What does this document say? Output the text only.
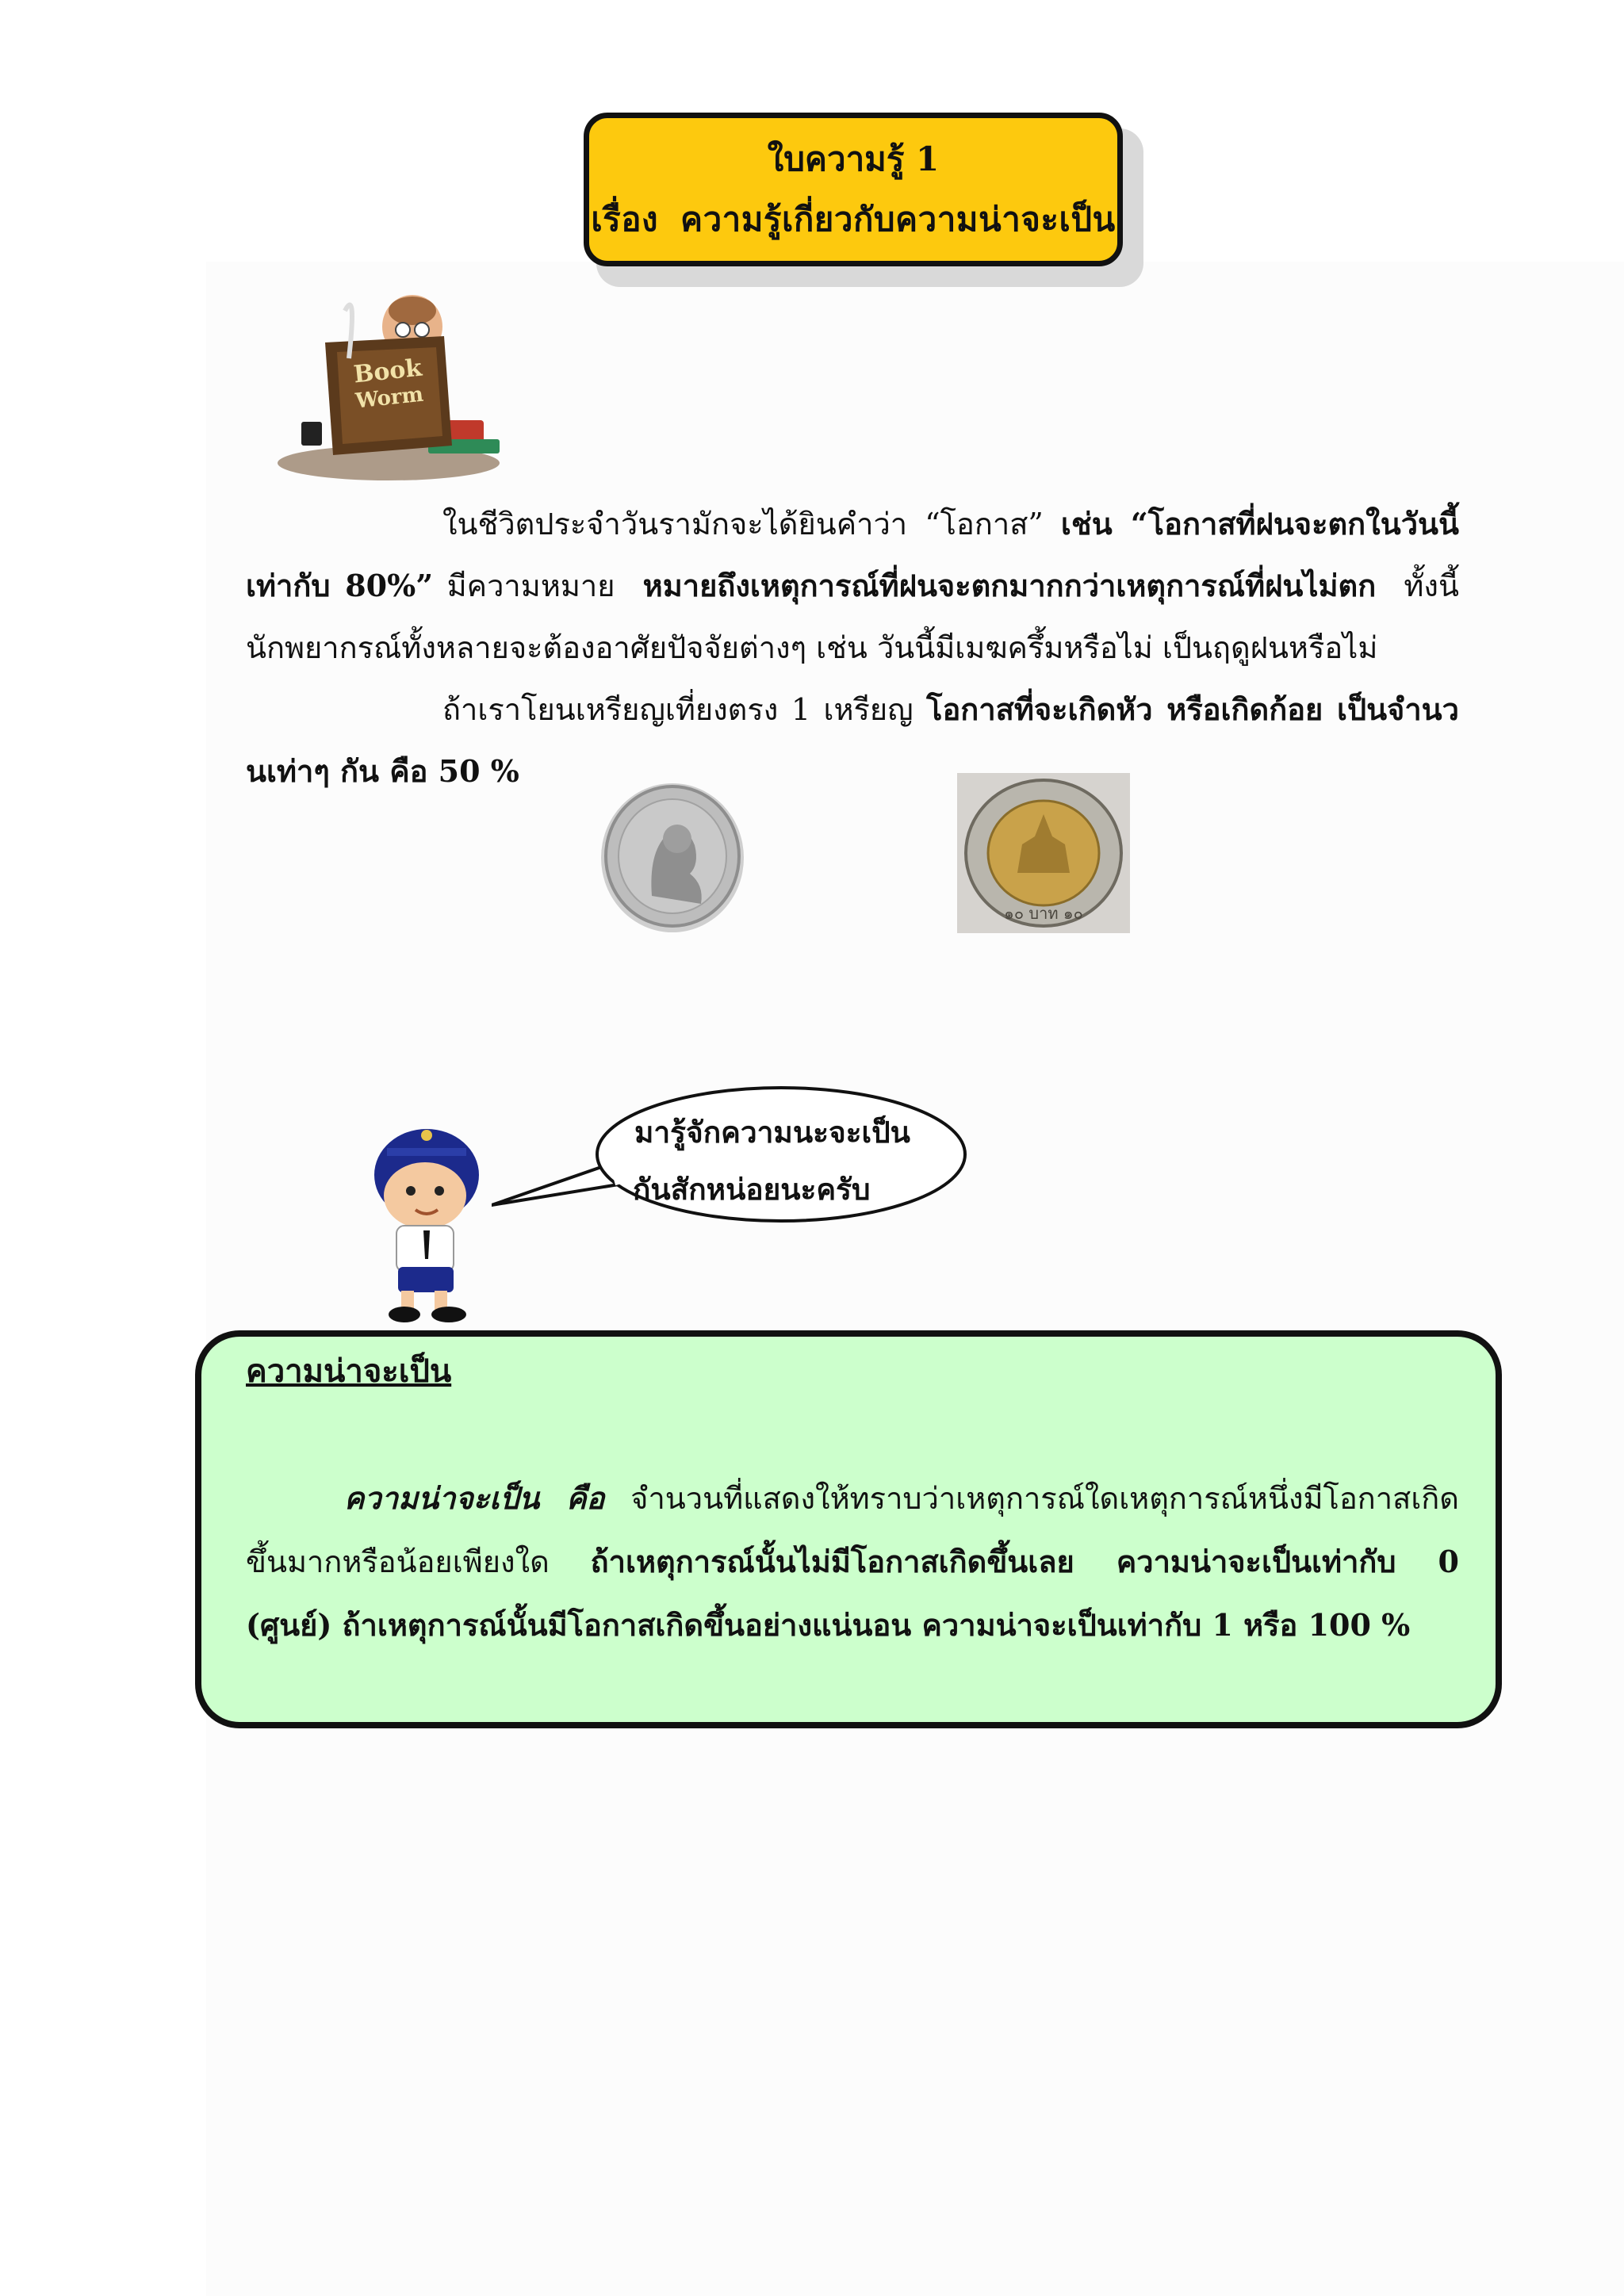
ใบความรู้ 1
เรื่อง ความรู้เกี่ยวกับความน่าจะเป็น
Book
Worm

ในชีวิตประจำวันรามักจะได้ยินคำว่า “โอกาส” เช่น “โอกาสที่ฝนจะตกในวันนี้เท่ากับ 80%” มีความหมาย หมายถึงเหตุการณ์ที่ฝนจะตกมากกว่าเหตุการณ์ที่ฝนไม่ตก ทั้งนี้ นักพยากรณ์ทั้งหลายจะต้องอาศัยปัจจัยต่างๆ เช่น วันนี้มีเมฆครึ้มหรือไม่ เป็นฤดูฝนหรือไม่

ถ้าเราโยนเหรียญเที่ยงตรง 1 เหรียญ โอกาสที่จะเกิดหัว หรือเกิดก้อย เป็นจำนวนเท่าๆ กัน คือ 50 %

๑๐ บาท ๑๐
มารู้จักความนะจะเป็น
กันสักหน่อยนะครับ
ความน่าจะเป็น

ความน่าจะเป็น คือ จำนวนที่แสดงให้ทราบว่าเหตุการณ์ใดเหตุการณ์หนึ่งมีโอกาสเกิดขึ้นมากหรือน้อยเพียงใด ถ้าเหตุการณ์นั้นไม่มีโอกาสเกิดขึ้นเลย ความน่าจะเป็นเท่ากับ 0 (ศูนย์) ถ้าเหตุการณ์นั้นมีโอกาสเกิดขึ้นอย่างแน่นอน ความน่าจะเป็นเท่ากับ 1 หรือ 100 %
